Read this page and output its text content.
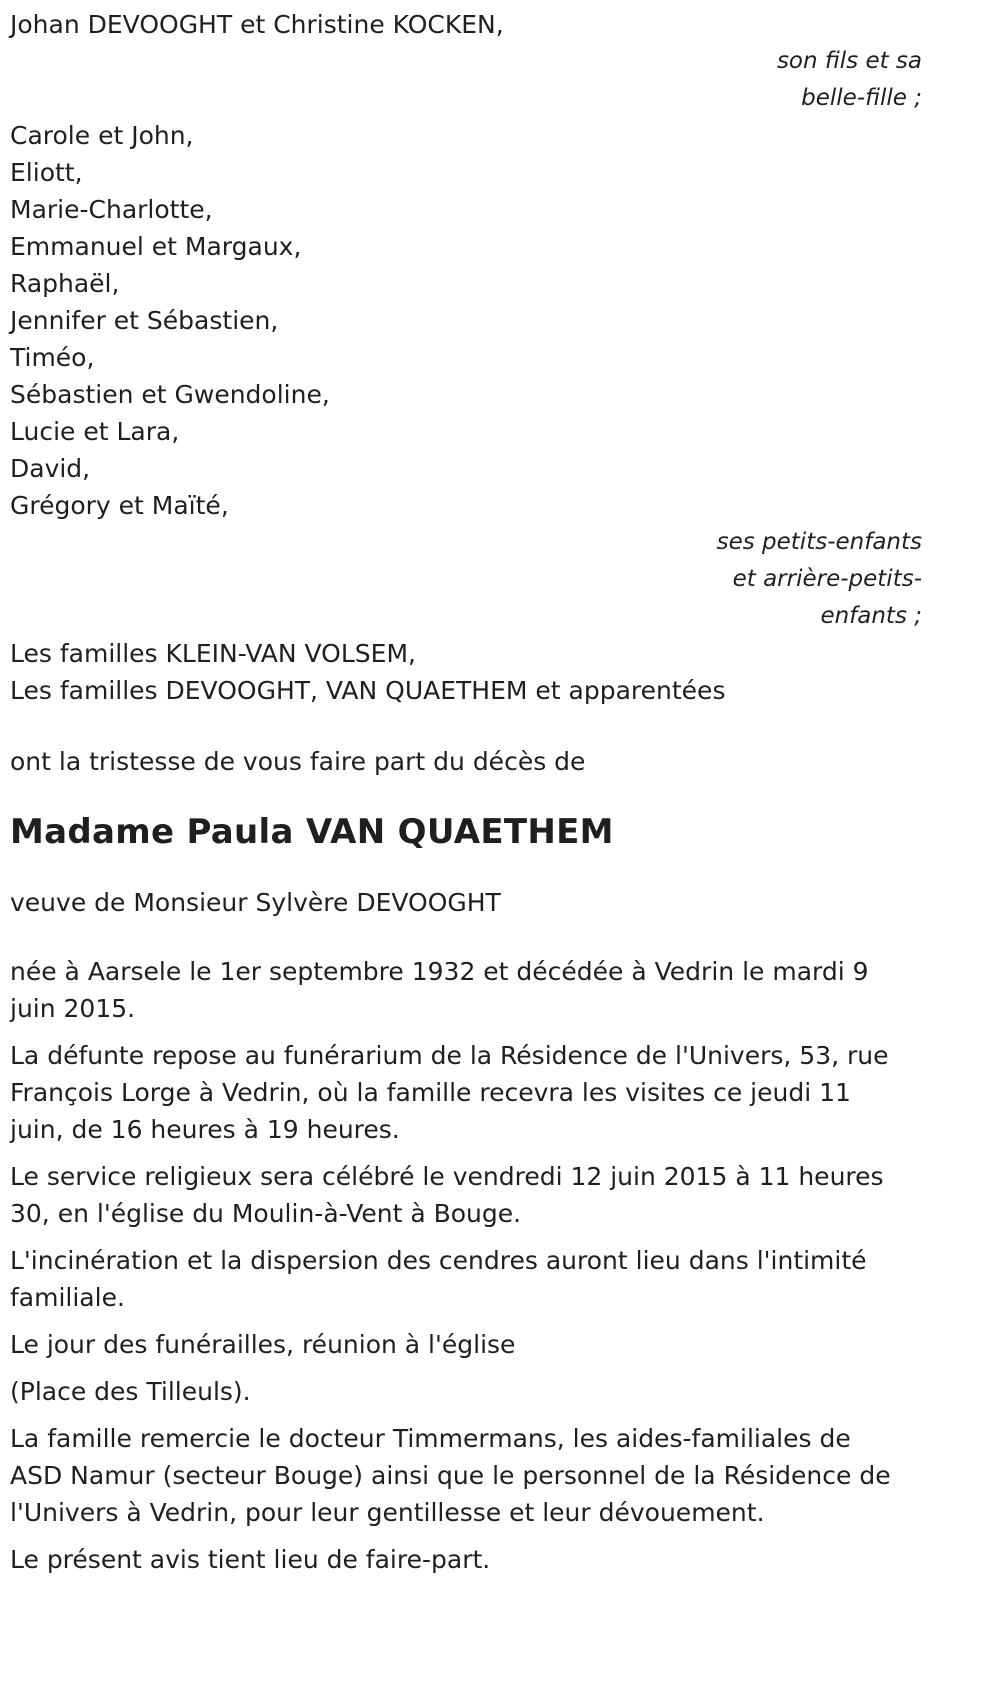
Johan DEVOOGHT et Christine KOCKEN,
son fils et sa
belle-fille ;
Carole et John,
Eliott,
Marie-Charlotte,
Emmanuel et Margaux,
Raphaël,
Jennifer et Sébastien,
Timéo,
Sébastien et Gwendoline,
Lucie et Lara,
David,
Grégory et Maïté,
ses petits-enfants
et arrière-petits-
enfants ;
Les familles KLEIN-VAN VOLSEM,
Les familles DEVOOGHT, VAN QUAETHEM et apparentées
ont la tristesse de vous faire part du décès de
Madame Paula VAN QUAETHEM
veuve de Monsieur Sylvère DEVOOGHT
née à Aarsele le 1er septembre 1932 et décédée à Vedrin le mardi 9 juin 2015.
La défunte repose au funérarium de la Résidence de l'Univers, 53, rue François Lorge à Vedrin, où la famille recevra les visites ce jeudi 11 juin, de 16 heures à 19 heures.
Le service religieux sera célébré le vendredi 12 juin 2015 à 11 heures 30, en l'église du Moulin-à-Vent à Bouge.
L'incinération et la dispersion des cendres auront lieu dans l'intimité familiale.
Le jour des funérailles, réunion à l'église
(Place des Tilleuls).
La famille remercie le docteur Timmermans, les aides-familiales de ASD Namur (secteur Bouge) ainsi que le personnel de la Résidence de l'Univers à Vedrin, pour leur gentillesse et leur dévouement.
Le présent avis tient lieu de faire-part.
